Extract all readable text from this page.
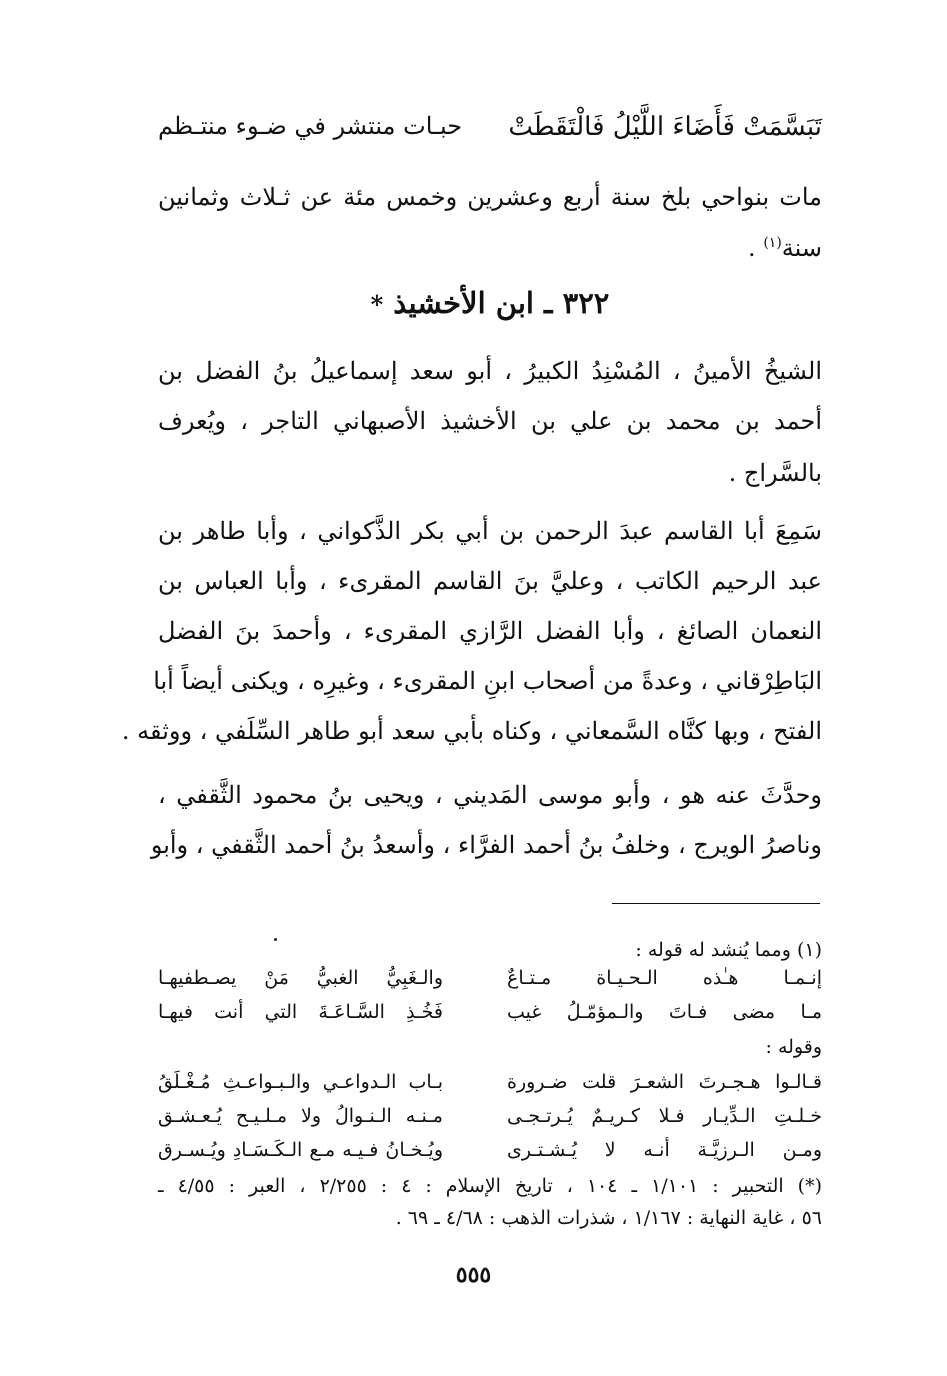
تَبَسَّمَتْ فَأَضَاءَ اللَّيْلُ فَالْتَقَطَتْ
حبـات منتشر في ضـوء منتـظم
مات بنواحي بلخ سنة أربع وعشرين وخمس مئة عن ثـلاث وثمانين
سنة$^{(١)}$ .
٣٢٢ ـ ابن الأخشيذ *
الشيخُ الأمينُ ، المُسْنِدُ الكبيرُ ، أبو سعد إسماعيلُ بنُ الفضل بن
أحمد بن محمد بن علي بن الأخشيذ الأصبهاني التاجر ، ويُعرف
بالسَّراج .
سَمِعَ أبا القاسم عبدَ الرحمن بن أبي بكر الذَّكواني ، وأبا طاهر بن
عبد الرحيم الكاتب ، وعليَّ بنَ القاسم المقرىء ، وأبا العباس بن
النعمان الصائغ ، وأبا الفضل الرَّازي المقرىء ، وأحمدَ بنَ الفضل
البَاطِرْقاني ، وعدةً من أصحاب ابنِ المقرىء ، وغيرِه ، ويكنى أيضاً أبا
الفتح ، وبها كنَّاه السَّمعاني ، وكناه بأبي سعد أبو طاهر السِّلَفي ، ووثقه .
وحدَّثَ عنه هو ، وأبو موسى المَديني ، ويحيى بنُ محمود الثَّقفي ،
وناصرُ الويرج ، وخلفُ بنُ أحمد الفرَّاء ، وأسعدُ بنُ أحمد الثَّقفي ، وأبو
(١) ومما يُنشد له قوله :
إنـمـا هـٰذه الـحـيـاة مـتـاعٌ
والـغَبِيُّ الغبيُّ مَنْ يصـطفيهـا
مـا مضى فـاتَ والـمؤمّـلُ غيب
فَخُـذِ السَّـاعَـةَ التي أنت فيهـا
وقوله :
قـالـوا هـجـرتَ الشعـرَ قلت ضـرورة
بـاب الـدواعـي والـبـواعـثِ مُـغْـلَقُ
خـلـتِ الـدِّيـار فـلا كـريـمٌ يُـرتـجـى
مـنـه الـنـوالُ ولا مـلـيـح يُـعـشـق
ومـن الـرزيَّـة أنـه لا يُـشـتـرى
ويُـخـانُ فـيـه مـع الـكَـسَـادِ ويُـسـرق
(*) التحبير : ١/١٠١ ـ ١٠٤ ، تاريخ الإسلام : ٤ : ٢/٢٥٥ ، العبر : ٤/٥٥ ـ
٥٦ ، غاية النهاية : ١/١٦٧ ، شذرات الذهب : ٤/٦٨ ـ ٦٩ .
٥٥٥
